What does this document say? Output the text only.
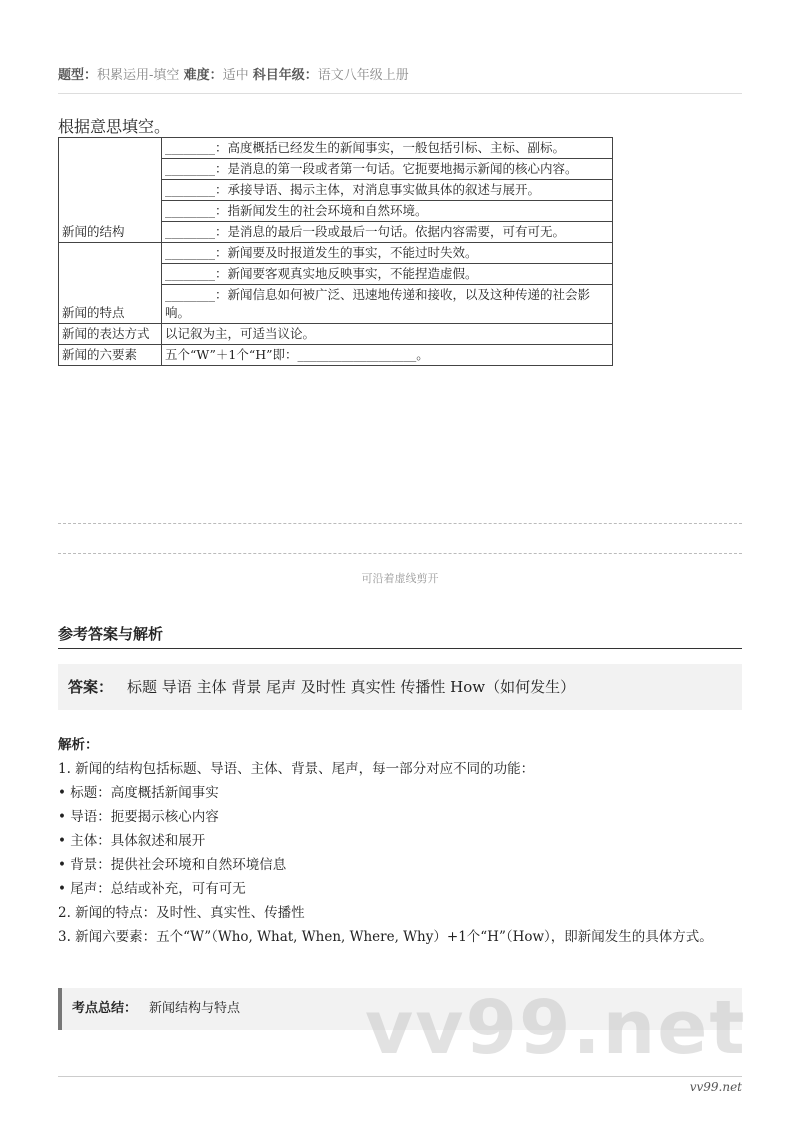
题型：积累运用-填空 难度：适中 科目年级：语文八年级上册
根据意思填空。
新闻的结构	________：高度概括已经发生的新闻事实，一般包括引标、主标、副标。
	________：是消息的第一段或者第一句话。它扼要地揭示新闻的核心内容。
	________：承接导语、揭示主体，对消息事实做具体的叙述与展开。
	________：指新闻发生的社会环境和自然环境。
	________：是消息的最后一段或最后一句话。依据内容需要，可有可无。
新闻的特点	________：新闻要及时报道发生的事实，不能过时失效。
	________：新闻要客观真实地反映事实，不能捏造虚假。
	________：新闻信息如何被广泛、迅速地传递和接收，以及这种传递的社会影响。
新闻的表达方式	以记叙为主，可适当议论。
新闻的六要素	五个“W”＋1个“H”即：___________________。
可沿着虚线剪开
参考答案与解析
答案： 标题 导语 主体 背景 尾声 及时性 真实性 传播性 How（如何发生）
解析：
1. 新闻的结构包括标题、导语、主体、背景、尾声，每一部分对应不同的功能：
• 标题：高度概括新闻事实
• 导语：扼要揭示核心内容
• 主体：具体叙述和展开
• 背景：提供社会环境和自然环境信息
• 尾声：总结或补充，可有可无
2. 新闻的特点：及时性、真实性、传播性
3. 新闻六要素：五个“W”（Who, What, When, Where, Why）+1个“H”（How），即新闻发生的具体方式。
考点总结： 新闻结构与特点	vv99.net
vv99.net
